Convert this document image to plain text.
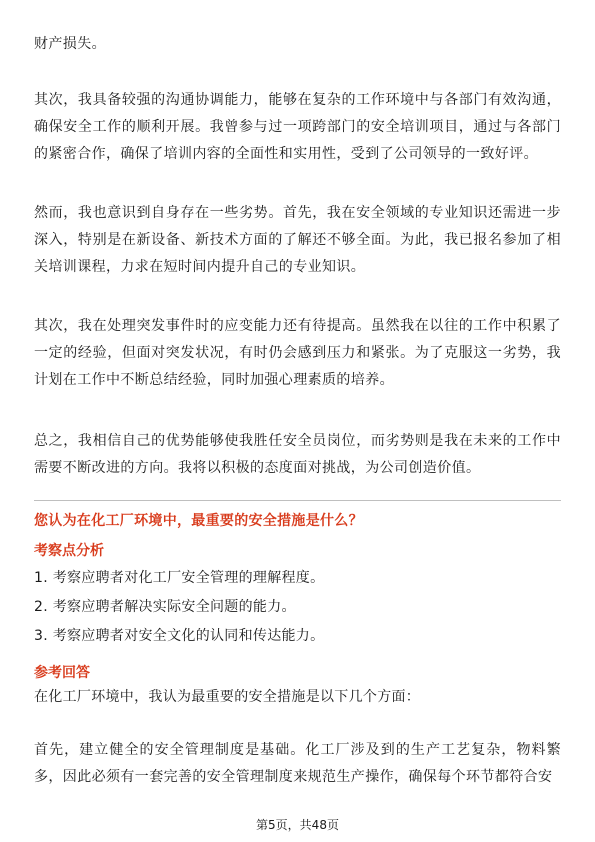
财产损失。

其次，我具备较强的沟通协调能力，能够在复杂的工作环境中与各部门有效沟通，确保安全工作的顺利开展。我曾参与过一项跨部门的安全培训项目，通过与各部门的紧密合作，确保了培训内容的全面性和实用性，受到了公司领导的一致好评。

然而，我也意识到自身存在一些劣势。首先，我在安全领域的专业知识还需进一步深入，特别是在新设备、新技术方面的了解还不够全面。为此，我已报名参加了相关培训课程，力求在短时间内提升自己的专业知识。

其次，我在处理突发事件时的应变能力还有待提高。虽然我在以往的工作中积累了一定的经验，但面对突发状况，有时仍会感到压力和紧张。为了克服这一劣势，我计划在工作中不断总结经验，同时加强心理素质的培养。

总之，我相信自己的优势能够使我胜任安全员岗位，而劣势则是我在未来的工作中需要不断改进的方向。我将以积极的态度面对挑战，为公司创造价值。

您认为在化工厂环境中，最重要的安全措施是什么？

考察点分析

1. 考察应聘者对化工厂安全管理的理解程度。

2. 考察应聘者解决实际安全问题的能力。

3. 考察应聘者对安全文化的认同和传达能力。

参考回答

在化工厂环境中，我认为最重要的安全措施是以下几个方面：

首先，建立健全的安全管理制度是基础。化工厂涉及到的生产工艺复杂，物料繁多，因此必须有一套完善的安全管理制度来规范生产操作，确保每个环节都符合安

第5页，共48页
